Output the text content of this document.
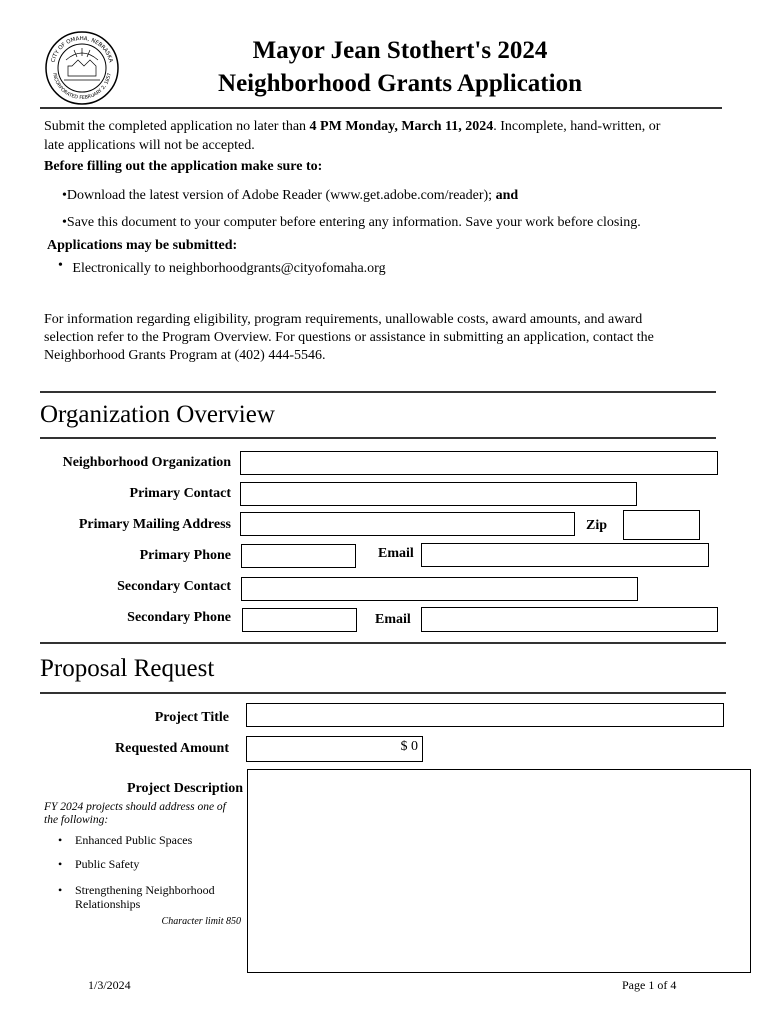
CITY OF OMAHA, NEBRASKA
INCORPORATED FEBRUARY 2, 1857
Mayor Jean Stothert's 2024
Neighborhood Grants Application
Submit the completed application no later than 4 PM Monday, March 11, 2024. Incomplete, hand-written, or
late applications will not be accepted.
Before filling out the application make sure to:
•Download the latest version of Adobe Reader (www.get.adobe.com/reader); and
•Save this document to your computer before entering any information. Save your work before closing.
Applications may be submitted:
• Electronically to neighborhoodgrants@cityofomaha.org
For information regarding eligibility, program requirements, unallowable costs, award amounts, and award
selection refer to the Program Overview. For questions or assistance in submitting an application, contact the
Neighborhood Grants Program at (402) 444-5546.
Organization Overview
Neighborhood Organization
Primary Contact
Primary Mailing Address	Zip
Primary Phone	Email
Secondary Contact
Secondary Phone	Email
Proposal Request
Project Title
Requested Amount	$ 0
Project Description
FY 2024 projects should address one of the following:
• Enhanced Public Spaces
• Public Safety
• Strengthening Neighborhood Relationships
Character limit 850
1/3/2024	Page 1 of 4
